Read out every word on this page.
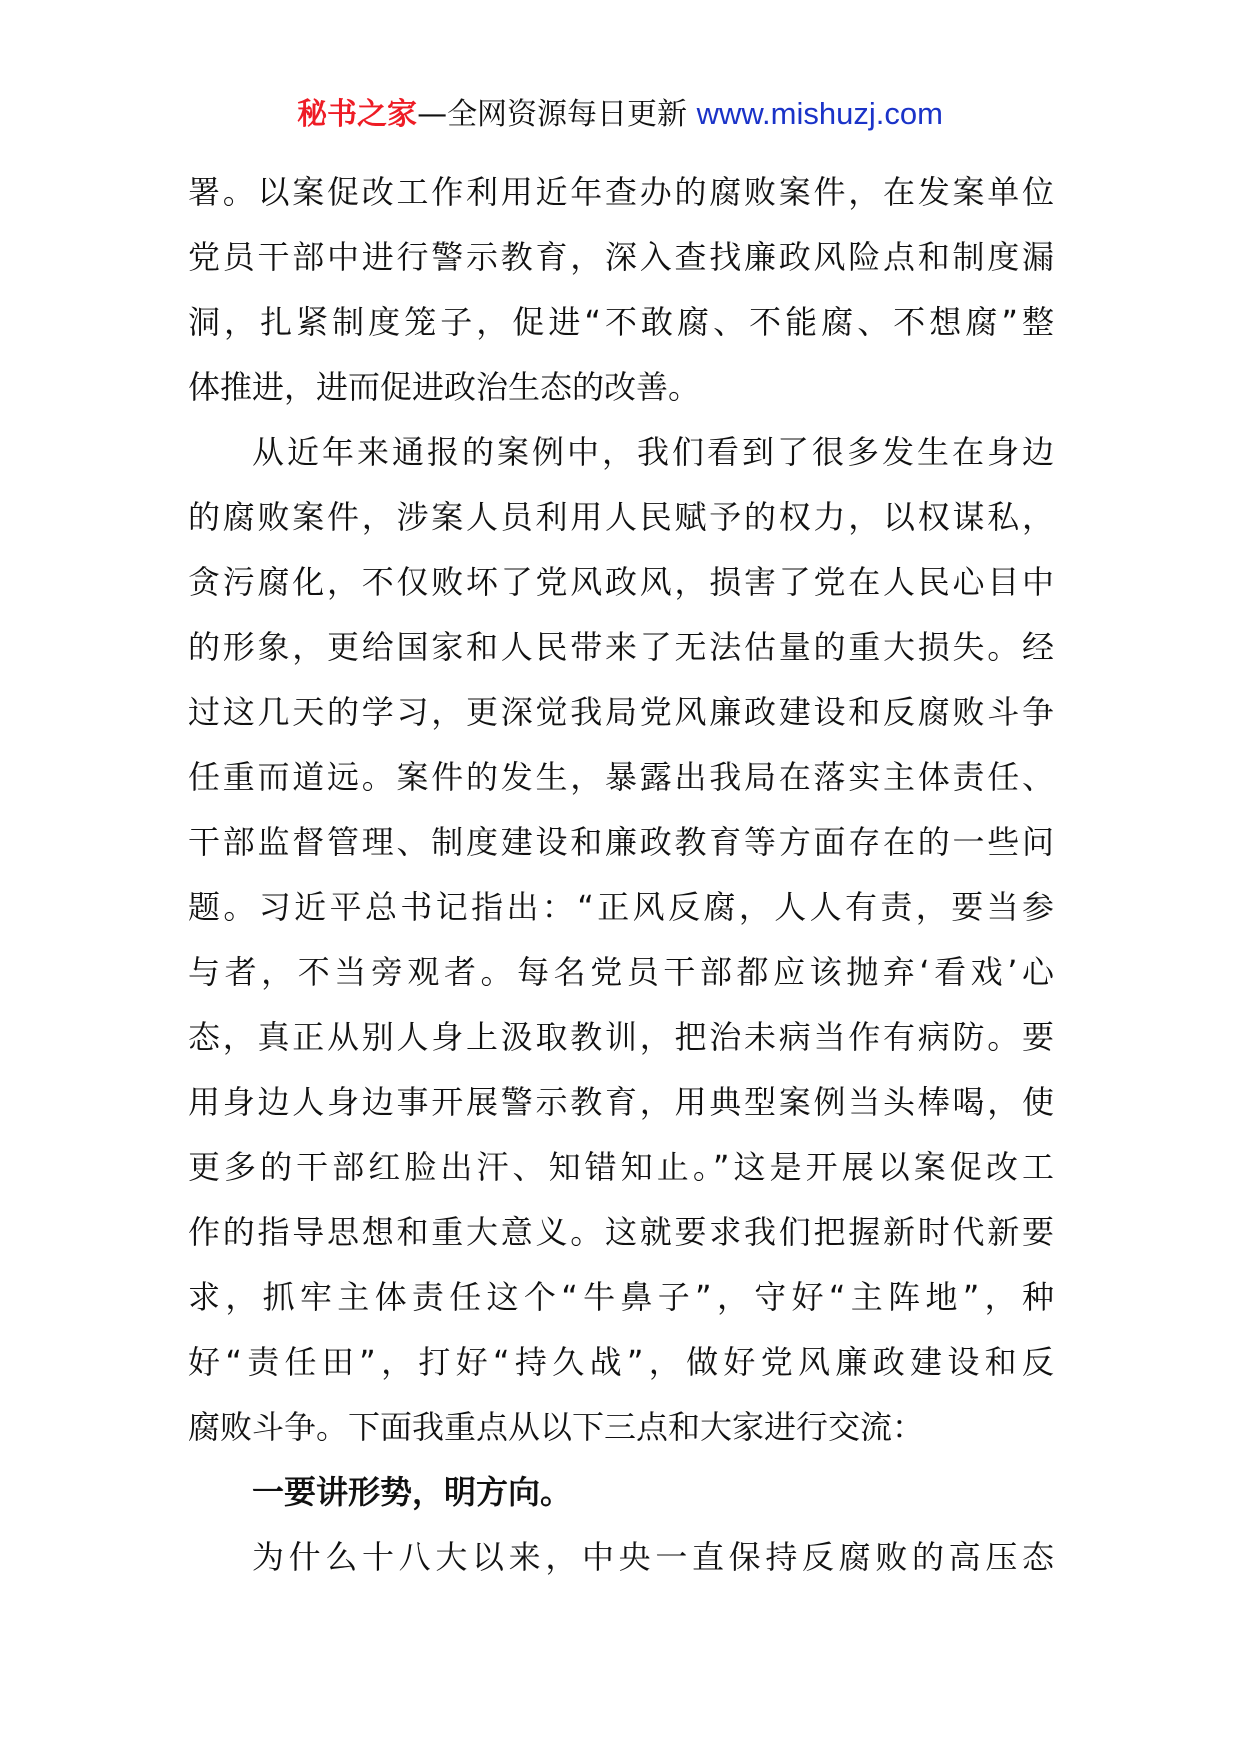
秘书之家—全网资源每日更新 www.mishuzj.com
署。以案促改工作利用近年查办的腐败案件，在发案单位
党员干部中进行警示教育，深入查找廉政风险点和制度漏
洞，扎紧制度笼子，促进“不敢腐、不能腐、不想腐”整
体推进，进而促进政治生态的改善。
从近年来通报的案例中，我们看到了很多发生在身边
的腐败案件，涉案人员利用人民赋予的权力，以权谋私，
贪污腐化，不仅败坏了党风政风，损害了党在人民心目中
的形象，更给国家和人民带来了无法估量的重大损失。经
过这几天的学习，更深觉我局党风廉政建设和反腐败斗争
任重而道远。案件的发生，暴露出我局在落实主体责任、
干部监督管理、制度建设和廉政教育等方面存在的一些问
题。习近平总书记指出：“正风反腐，人人有责，要当参
与者，不当旁观者。每名党员干部都应该抛弃‘看戏’心
态，真正从别人身上汲取教训，把治未病当作有病防。要
用身边人身边事开展警示教育，用典型案例当头棒喝，使
更多的干部红脸出汗、知错知止。”这是开展以案促改工
作的指导思想和重大意义。这就要求我们把握新时代新要
求，抓牢主体责任这个“牛鼻子”，守好“主阵地”，种
好“责任田”，打好“持久战”，做好党风廉政建设和反
腐败斗争。下面我重点从以下三点和大家进行交流：
一要讲形势，明方向。
为什么十八大以来，中央一直保持反腐败的高压态
